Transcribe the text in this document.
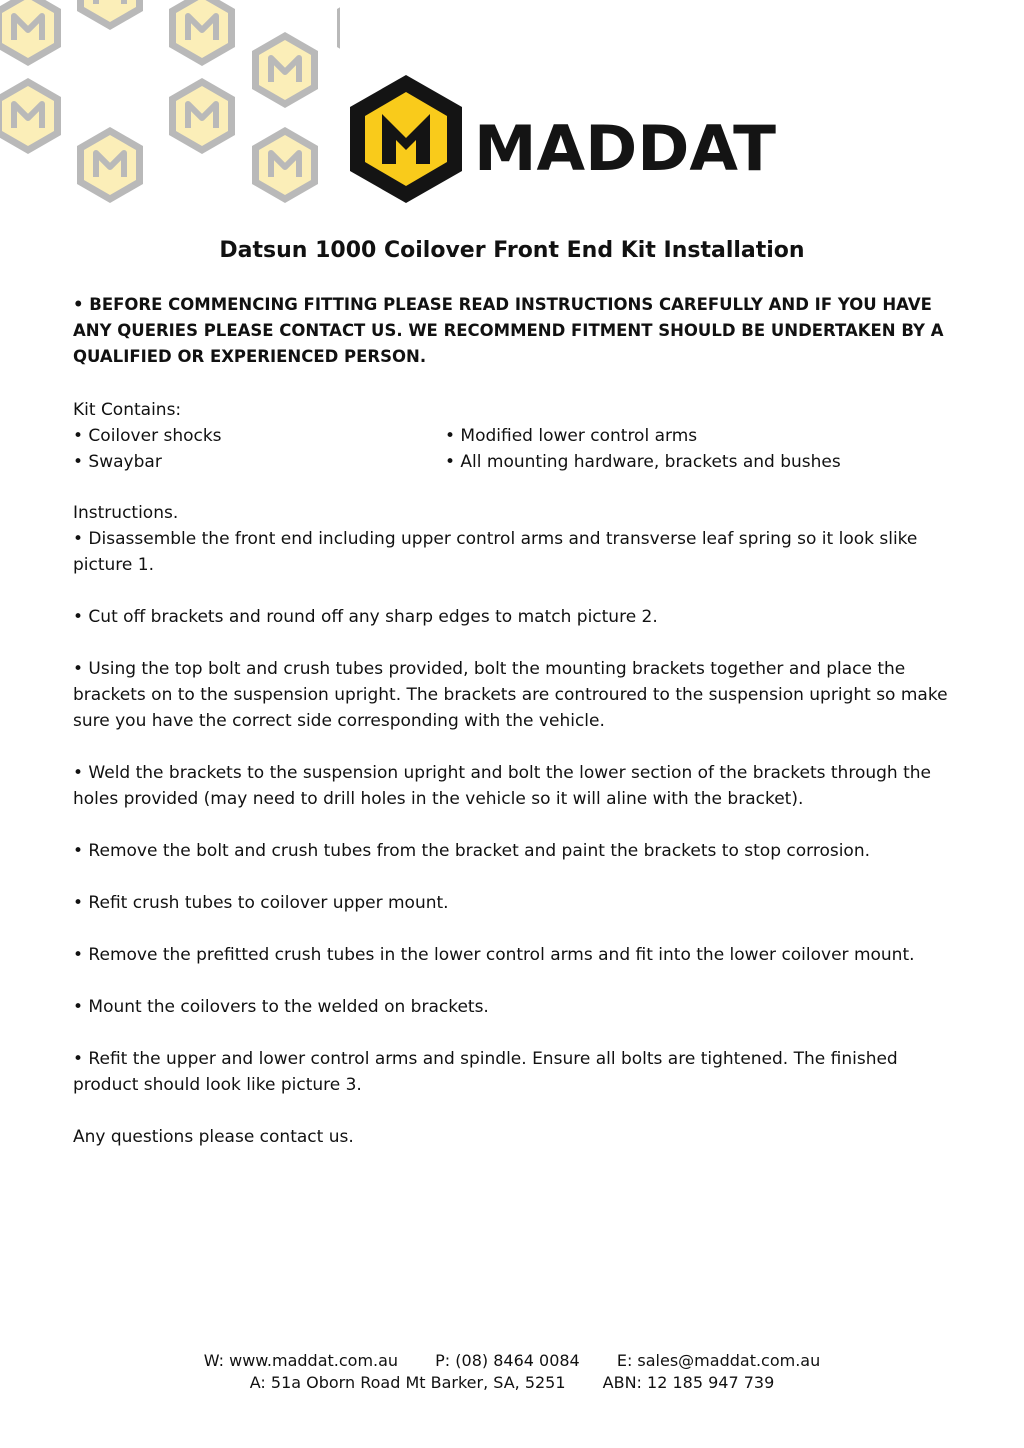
MADDAT
Datsun 1000 Coilover Front End Kit Installation

• BEFORE COMMENCING FITTING PLEASE READ INSTRUCTIONS CAREFULLY AND IF YOU HAVE ANY QUERIES PLEASE CONTACT US. WE RECOMMEND FITMENT SHOULD BE UNDERTAKEN BY A QUALIFIED OR EXPERIENCED PERSON.

Kit Contains:

• Coilover shocks	• Modified lower control arms
• Swaybar	• All mounting hardware, brackets and bushes

Instructions.

• Disassemble the front end including upper control arms and transverse leaf spring so it look slike picture 1.

• Cut off brackets and round off any sharp edges to match picture 2.

• Using the top bolt and crush tubes provided, bolt the mounting brackets together and place the brackets on to the suspension upright. The brackets are controured to the suspension upright so make sure you have the correct side corresponding with the vehicle.

• Weld the brackets to the suspension upright and bolt the lower section of the brackets through the holes provided (may need to drill holes in the vehicle so it will aline with the bracket).

• Remove the bolt and crush tubes from the bracket and paint the brackets to stop corrosion.

• Refit crush tubes to coilover upper mount.

• Remove the prefitted crush tubes in the lower control arms and fit into the lower coilover mount.

• Mount the coilovers to the welded on brackets.

• Refit the upper and lower control arms and spindle. Ensure all bolts are tightened. The finished product should look like picture 3.

Any questions please contact us.

W: www.maddat.com.au P: (08) 8464 0084 E: sales@maddat.com.au
A: 51a Oborn Road Mt Barker, SA, 5251 ABN: 12 185 947 739
